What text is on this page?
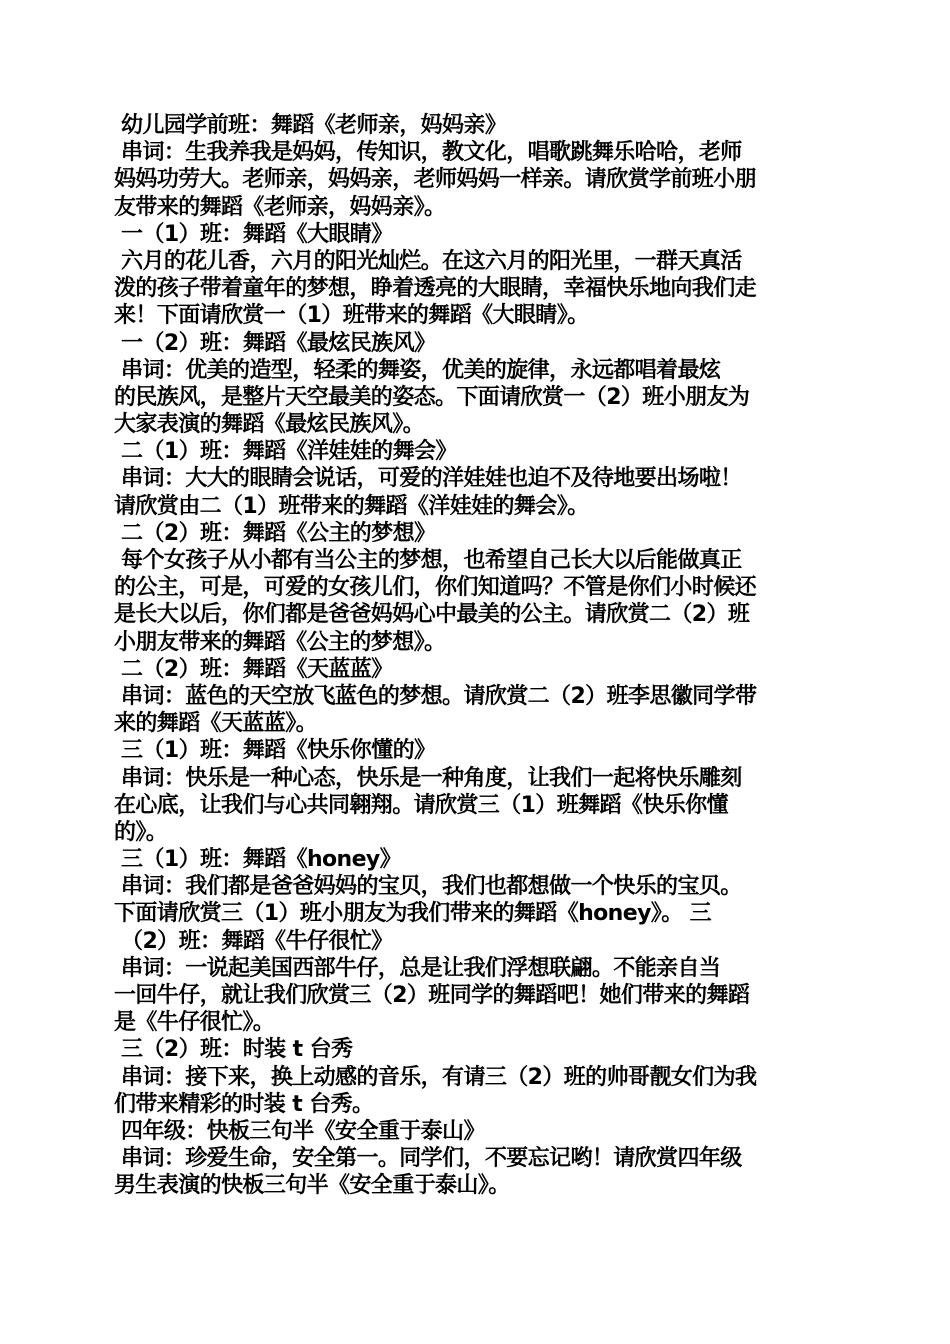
幼儿园学前班：舞蹈《老师亲，妈妈亲》
串词：生我养我是妈妈，传知识，教文化，唱歌跳舞乐哈哈，老师
妈妈功劳大。老师亲，妈妈亲，老师妈妈一样亲。请欣赏学前班小朋
友带来的舞蹈《老师亲，妈妈亲》。
一（1）班：舞蹈《大眼睛》
六月的花儿香，六月的阳光灿烂。在这六月的阳光里，一群天真活
泼的孩子带着童年的梦想，睁着透亮的大眼睛，幸福快乐地向我们走
来！下面请欣赏一（1）班带来的舞蹈《大眼睛》。
一（2）班：舞蹈《最炫民族风》
串词：优美的造型，轻柔的舞姿，优美的旋律，永远都唱着最炫
的民族风，是整片天空最美的姿态。下面请欣赏一（2）班小朋友为
大家表演的舞蹈《最炫民族风》。
二（1）班：舞蹈《洋娃娃的舞会》
串词：大大的眼睛会说话，可爱的洋娃娃也迫不及待地要出场啦！
请欣赏由二（1）班带来的舞蹈《洋娃娃的舞会》。
二（2）班：舞蹈《公主的梦想》
每个女孩子从小都有当公主的梦想，也希望自己长大以后能做真正
的公主，可是，可爱的女孩儿们，你们知道吗？不管是你们小时候还
是长大以后，你们都是爸爸妈妈心中最美的公主。请欣赏二（2）班
小朋友带来的舞蹈《公主的梦想》。
二（2）班：舞蹈《天蓝蓝》
串词：蓝色的天空放飞蓝色的梦想。请欣赏二（2）班李思徽同学带
来的舞蹈《天蓝蓝》。
三（1）班：舞蹈《快乐你懂的》
串词：快乐是一种心态，快乐是一种角度，让我们一起将快乐雕刻
在心底，让我们与心共同翱翔。请欣赏三（1）班舞蹈《快乐你懂
的》。
三（1）班：舞蹈《honey》
串词：我们都是爸爸妈妈的宝贝，我们也都想做一个快乐的宝贝。
下面请欣赏三（1）班小朋友为我们带来的舞蹈《honey》。 三
（2）班：舞蹈《牛仔很忙》
串词：一说起美国西部牛仔，总是让我们浮想联翩。不能亲自当
一回牛仔，就让我们欣赏三（2）班同学的舞蹈吧！她们带来的舞蹈
是《牛仔很忙》。
三（2）班：时装 t 台秀
串词：接下来，换上动感的音乐，有请三（2）班的帅哥靓女们为我
们带来精彩的时装 t 台秀。
四年级：快板三句半《安全重于泰山》
串词：珍爱生命，安全第一。同学们，不要忘记哟！请欣赏四年级
男生表演的快板三句半《安全重于泰山》。
